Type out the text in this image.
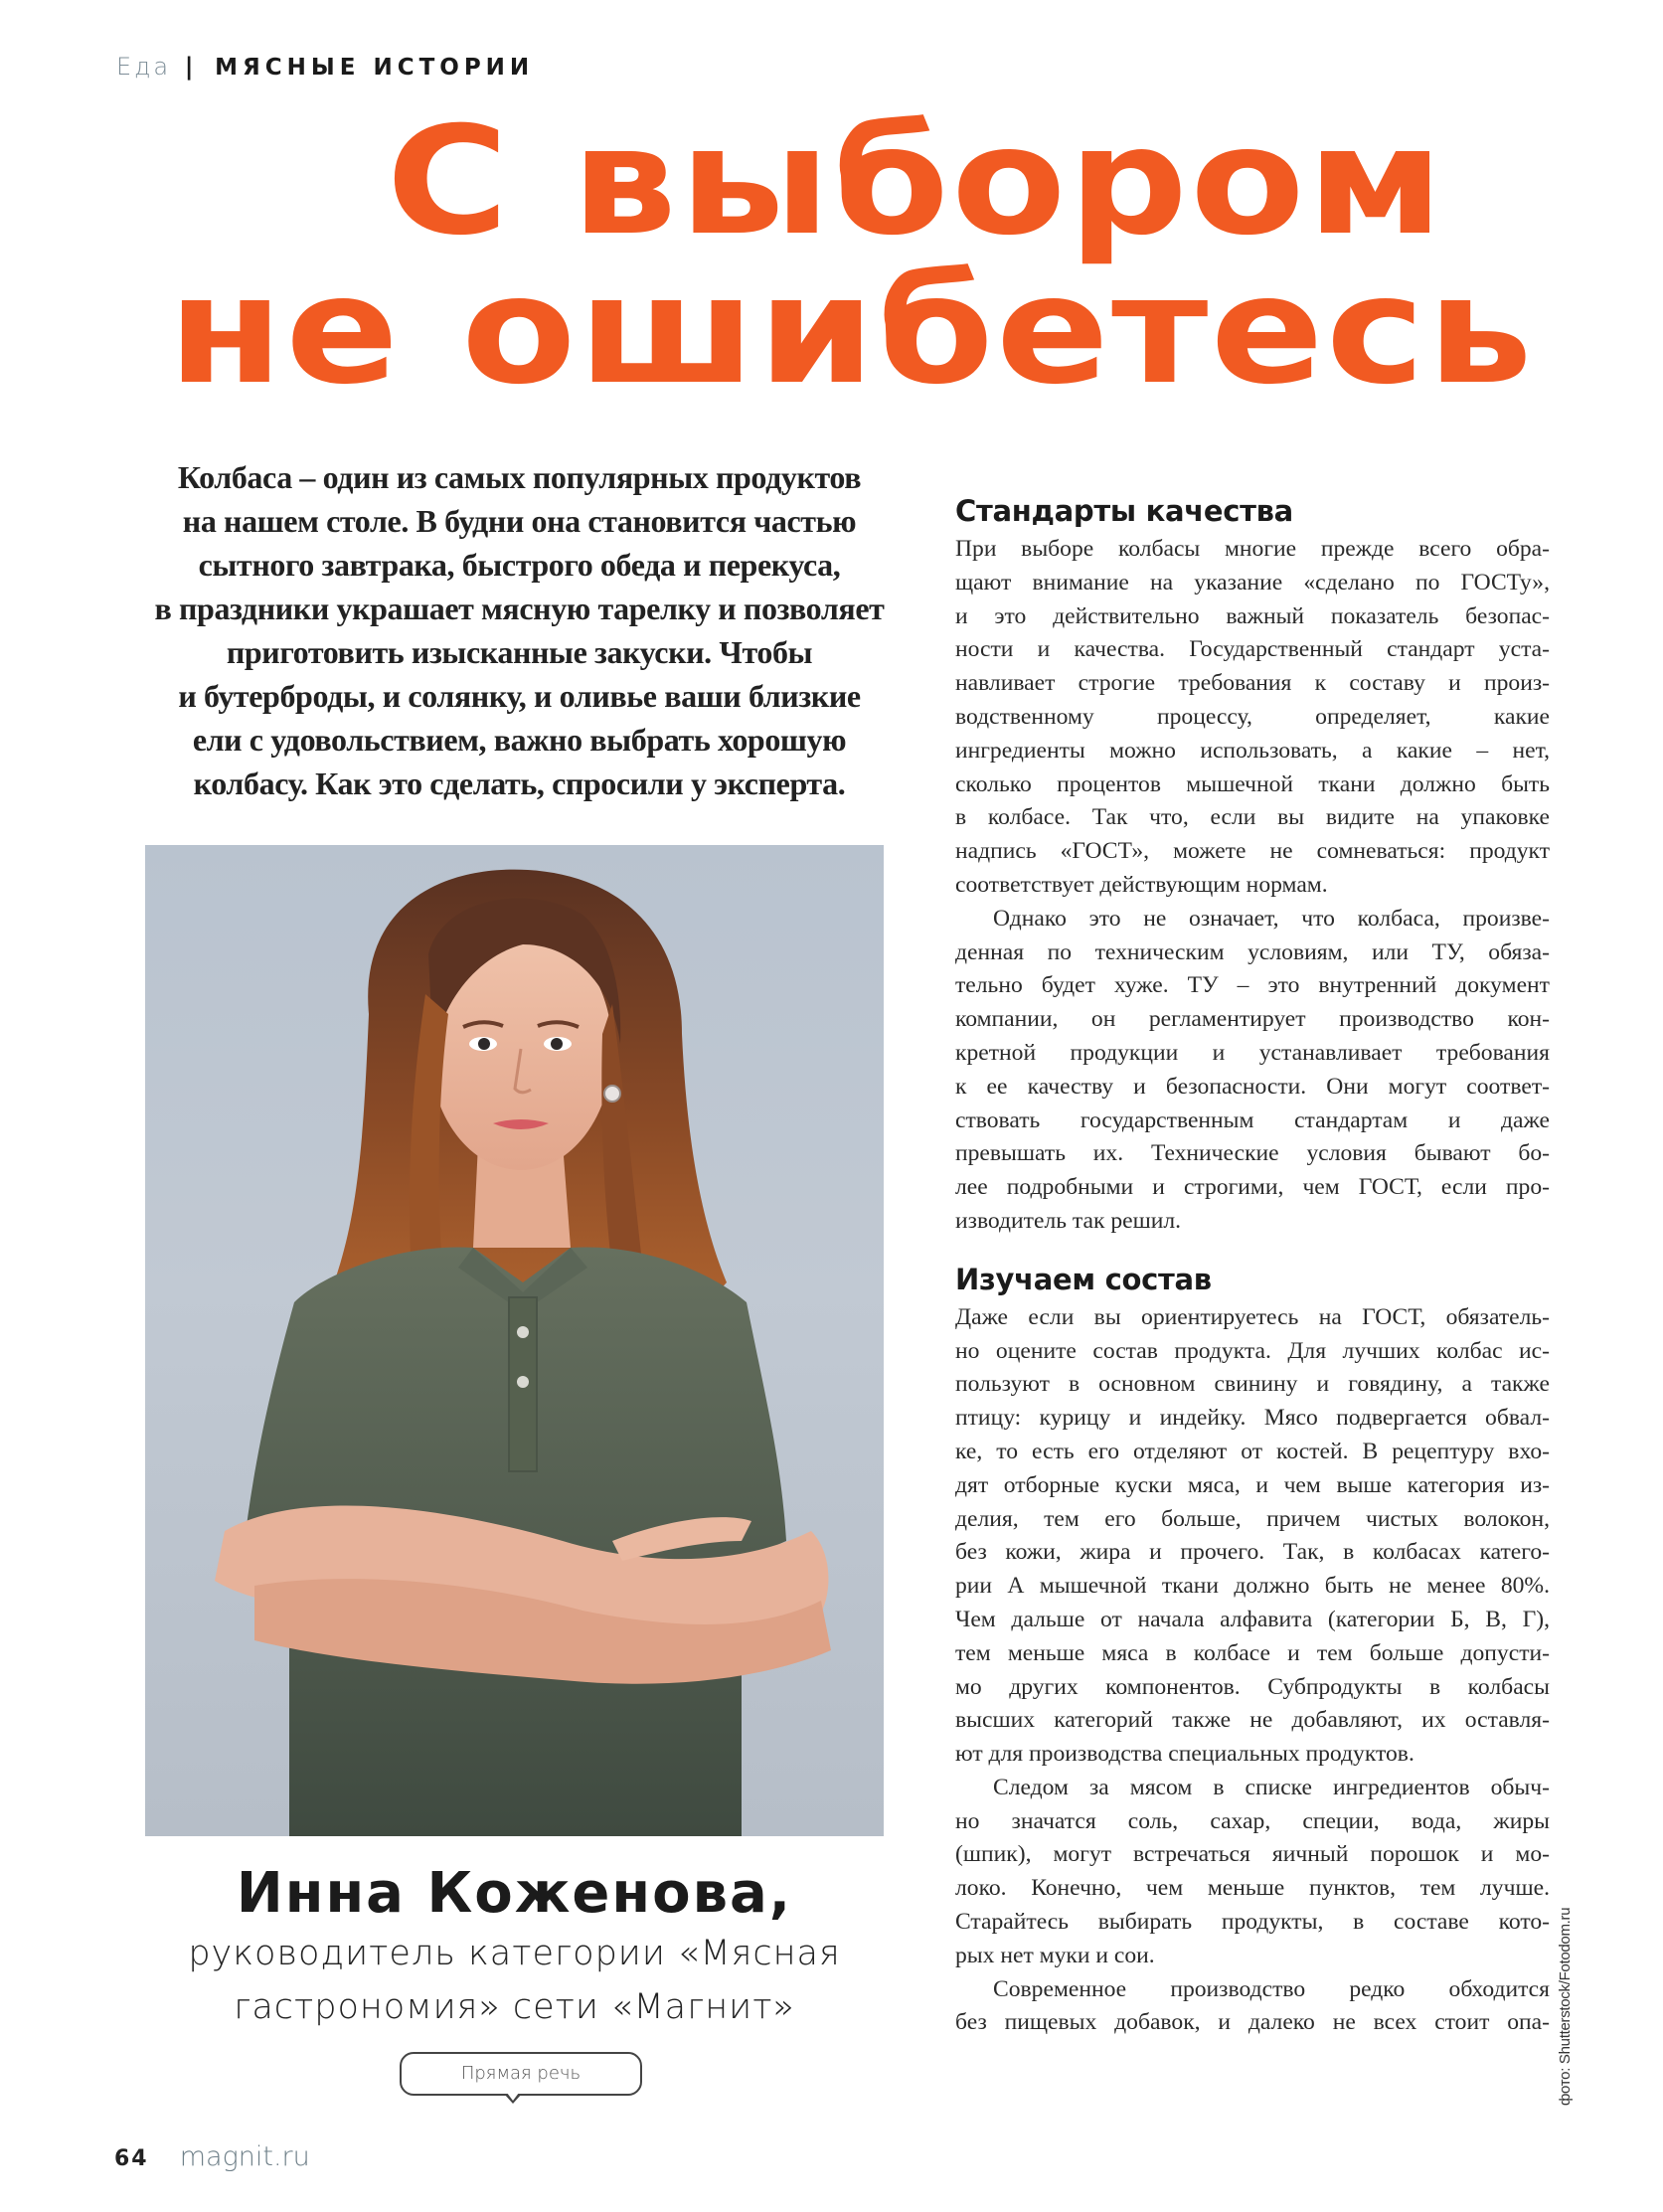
Еда | МЯСНЫЕ ИСТОРИИ
С выбором
не ошибетесь
Колбаса – один из самых популярных продуктов
на нашем столе. В будни она становится частью
сытного завтрака, быстрого обеда и перекуса,
в праздники украшает мясную тарелку и позволяет
приготовить изысканные закуски. Чтобы
и бутерброды, и солянку, и оливье ваши близкие
ели с удовольствием, важно выбрать хорошую
колбасу. Как это сделать, спросили у эксперта.
Инна Коженова,
руководитель категории «Мясная
гастрономия» сети «Магнит»
Прямая речь
Стандарты качества

При выборе колбасы многие прежде всего обра-
щают внимание на указание «сделано по ГОСТу»,
и это действительно важный показатель безопас-
ности и качества. Государственный стандарт уста-
навливает строгие требования к составу и произ-
водственному процессу, определяет, какие
ингредиенты можно использовать, а какие – нет,
сколько процентов мышечной ткани должно быть
в колбасе. Так что, если вы видите на упаковке
надпись «ГОСТ», можете не сомневаться: продукт
соответствует действующим нормам.

Однако это не означает, что колбаса, произве-
денная по техническим условиям, или ТУ, обяза-
тельно будет хуже. ТУ – это внутренний документ
компании, он регламентирует производство кон-
кретной продукции и устанавливает требования
к ее качеству и безопасности. Они могут соответ-
ствовать государственным стандартам и даже
превышать их. Технические условия бывают бо-
лее подробными и строгими, чем ГОСТ, если про-
изводитель так решил.

Изучаем состав

Даже если вы ориентируетесь на ГОСТ, обязатель-
но оцените состав продукта. Для лучших колбас ис-
пользуют в основном свинину и говядину, а также
птицу: курицу и индейку. Мясо подвергается обвал-
ке, то есть его отделяют от костей. В рецептуру вхо-
дят отборные куски мяса, и чем выше категория из-
делия, тем его больше, причем чистых волокон,
без кожи, жира и прочего. Так, в колбасах катего-
рии А мышечной ткани должно быть не менее 80%.
Чем дальше от начала алфавита (категории Б, В, Г),
тем меньше мяса в колбасе и тем больше допусти-
мо других компонентов. Субпродукты в колбасы
высших категорий также не добавляют, их оставля-
ют для производства специальных продуктов.

Следом за мясом в списке ингредиентов обыч-
но значатся соль, сахар, специи, вода, жиры
(шпик), могут встречаться яичный порошок и мо-
локо. Конечно, чем меньше пунктов, тем лучше.
Старайтесь выбирать продукты, в составе кото-
рых нет муки и сои.

Современное производство редко обходится
без пищевых добавок, и далеко не всех стоит опа- фото: Shutterstock/Fotodom.ru
64 magnit.ru
